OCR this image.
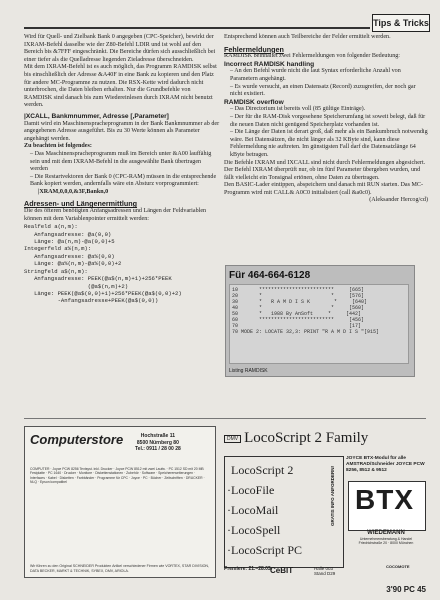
Tips & Tricks

Wird für Quell- und Zielbank Bank 0 angegeben (CPC-Speicher), bewirkt der IXRAM-Befehl dasselbe wie der Z80-Befehl LDIR und ist wohl auf den Bereich bis &7FFF eingeschränkt. Die Bereiche dürfen sich ausschließlich bei einer tiefer als die Quelladresse liegenden Zieladresse überschneiden.

Mit dem IXRAM-Befehl ist es auch möglich, das Programm RAMDISK selbst bis einschließlich der Adresse &A40F in eine Bank zu kopieren und den Platz für andere MC-Programme zu nutzen. Die RSX-Kette wird dadurch nicht unterbrochen, die Daten bleiben erhalten. Nur die Grundbefehle von RAMDISK sind danach bis zum Wiedereinlesen durch IXRAM nicht benutzt werden.

|XCALL, Bankmnummer, Adresse [,Parameter]

Damit wird ein Maschinenspracheprogramm in der Bank Bankmnummer ab der angegebenen Adresse ausgeführt. Bis zu 30 Werte können als Parameter angehängt werden.

Zu beachten ist folgendes:

– Das Maschinenspracheprogramm muß im Bereich unter &A00 lauffähig sein und mit dem IXRAM-Befehl in die ausgewählte Bank übertragen werden

– Die Restartvektoren der Bank 0 (CPC-RAM) müssen in die entsprechende Bank kopiert werden, andernfalls wäre ein Absturz vorprogrammiert:

|XRAM,0,0,0,&3F,Bankn,0

Adressen- und Längenermittlung

Die des öfteren benötigten Anfangsadressen und Längen der Feldvariablen können mit dem Variablenpointer ermittelt werden:

Realfeld a(n,m):
Anfangsadresse: @a(0,0)
Länge: @a(n,m)-@a(0,0)+5
Integerfeld a%(n,m):
Anfangsadresse: @a%(0,0)
Länge: @a%(n,m)-@a%(0,0)+2
Stringfeld a$(n,m):
Anfangsadresse: PEEK(@a$(n,m)+1)+256*PEEK
(@a$(n,m)+2)
Länge: PEEK(@a$(0,0)+1)+256*PEEK(@a$(0,0)+2)
-Anfangsadresse+PEEK(@a$(0,0))

Entsprechend können auch Teilbereiche der Felder ermittelt werden.

Fehlermeldungen

RAMDISK beinhaltet zwei Fehlermeldungen von folgender Bedeutung:

Incorrect RAMDISK handling

– An den Befehl wurde nicht die laut Syntax erforderliche Anzahl von Parametern angehängt.

– Es wurde versucht, an einen Datensatz (Record) zuzugreifen, der noch gar nicht existiert.

RAMDISK overflow

– Das Directorium ist bereits voll (85 gültige Einträge).

– Der für die RAM-Disk vorgesehene Speicherumfang ist soweit belegt, daß für die neuen Daten nicht genügend Speicherplatz vorhanden ist.

– Die Länge der Daten ist derart groß, daß mehr als ein Bankumbruch notwendig wäre. Bei Datensätzen, die nicht länger als 32 KByte sind, kann diese Fehlermeldung nie auftreten. Im günstigsten Fall darf die Datensatzlänge 64 kByte betragen.

Die Befehle IXRAM und IXCALL sind nicht durch Fehlermeldungen abgesichert. Der Befehl IXRAM überprüft nur, ob im fünf Parameter übergeben wurden, und fällt vielleicht ein Tonsignal ertönen, ohne Daten zu übertragen.

Den BASIC-Lader eintippen, abspeichern und danach mit RUN starten. Das MC-Programm wird mit CALL& A0C0 initialisiert (call &a0c0).

(Aleksander Hercog/cd)

Für 464-664-6128
10       *************************     [665]
20       *                       *     [576]
30       *   R A M D I S K        *     [640]
40       *                       *     [560]
50       *   1988 By AnSoft     *     [442]
60       *************************     [456]
70                                     [17]
70 MODE 2: LOCATE 32,3: PRINT "R A M D I S "[915]
Listing RAMDISK
Computerstore	Hochstraße 11
8500 Nürnberg 80
Tel.: 0911 / 28 00 28
COMPUTER · Joyce PCW 8256 Textsyst. inkl. Drucker · Joyce PCW 8512 mit zwei Laufw. · PC 1512 SD mit 20 MB Festplatte · PC 1640 · Drucker · Monitore · Diskettenstationen · Zubehör · Software · Speichererweiterungen · Interfaces · Kabel · Disketten · Farbbänder · Programme für CPC · Joyce · PC · Bücher · Zeitschriften · DRUCKER · NLQ · Epson kompatibel
Wir führen zu den Original SCHNEIDER Produkten Artikel verschiedener Firmen wie VORTEX, STAR DIVISION, DATA BECKER, MARKT & TECHNIK, SYBEX, DMV, ARIOLA.
DMV LocoScript 2 Family
LocoScript 2
·LocoFile
·LocoMail
·LocoSpell
·LocoScript PC
GRATIS INFO ANFORDERN!
JOYCE BTX-Modul für alle AMSTRAD/Schneider JOYCE PCW 8256, 8512 & 9512
BTX
WIEDEMANN
Unternehmensberatung & Handel
Friedrichstraße 20 · 8000 München
Premiere: 21.–28.03.
CeBIT	Halle 003
Stand D29
COCOMOTE
3'90 PC 45
